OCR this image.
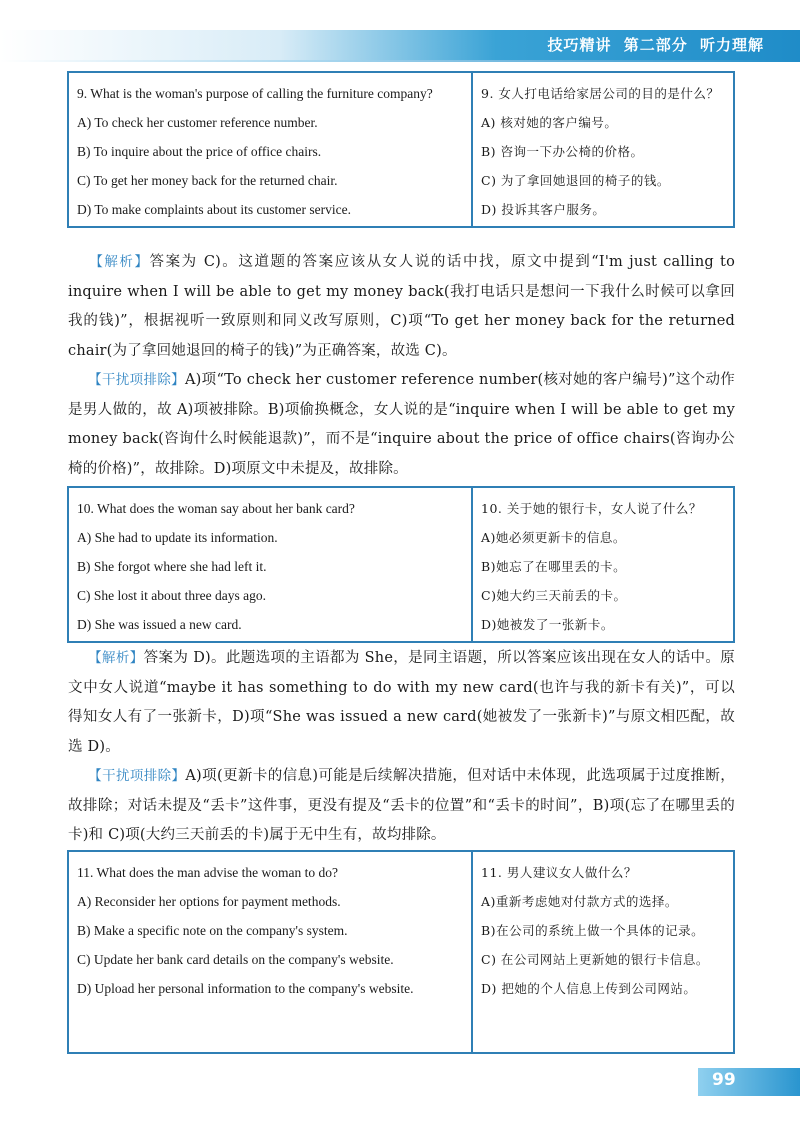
技巧精讲 第二部分 听力理解
9. What is the woman's purpose of calling the furniture company?
A) To check her customer reference number.
B) To inquire about the price of office chairs.
C) To get her money back for the returned chair.
D) To make complaints about its customer service.

9. 女人打电话给家居公司的目的是什么？
A) 核对她的客户编号。
B) 咨询一下办公椅的价格。
C) 为了拿回她退回的椅子的钱。
D) 投诉其客户服务。
【解析】答案为 C)。这道题的答案应该从女人说的话中找，原文中提到“I'm just calling to inquire when I will be able to get my money back(我打电话只是想问一下我什么时候可以拿回我的钱)”，根据视听一致原则和同义改写原则，C)项“To get her money back for the returned chair(为了拿回她退回的椅子的钱)”为正确答案，故选 C)。
【干扰项排除】A)项“To check her customer reference number(核对她的客户编号)”这个动作是男人做的，故 A)项被排除。B)项偷换概念，女人说的是“inquire when I will be able to get my money back(咨询什么时候能退款)”，而不是“inquire about the price of office chairs(咨询办公椅的价格)”，故排除。D)项原文中未提及，故排除。
10. What does the woman say about her bank card?
A) She had to update its information.
B) She forgot where she had left it.
C) She lost it about three days ago.
D) She was issued a new card.

10. 关于她的银行卡，女人说了什么？
A)她必须更新卡的信息。
B)她忘了在哪里丢的卡。
C)她大约三天前丢的卡。
D)她被发了一张新卡。
【解析】答案为 D)。此题选项的主语都为 She，是同主语题，所以答案应该出现在女人的话中。原文中女人说道“maybe it has something to do with my new card(也许与我的新卡有关)”，可以得知女人有了一张新卡，D)项“She was issued a new card(她被发了一张新卡)”与原文相匹配，故选 D)。
【干扰项排除】A)项(更新卡的信息)可能是后续解决措施，但对话中未体现，此选项属于过度推断，故排除；对话未提及“丢卡”这件事，更没有提及“丢卡的位置”和“丢卡的时间”，B)项(忘了在哪里丢的卡)和 C)项(大约三天前丢的卡)属于无中生有，故均排除。
11. What does the man advise the woman to do?
A) Reconsider her options for payment methods.
B) Make a specific note on the company's system.
C) Update her bank card details on the company's website.
D) Upload her personal information to the company's website.

11. 男人建议女人做什么？
A)重新考虑她对付款方式的选择。
B)在公司的系统上做一个具体的记录。
C) 在公司网站上更新她的银行卡信息。
D) 把她的个人信息上传到公司网站。
99
